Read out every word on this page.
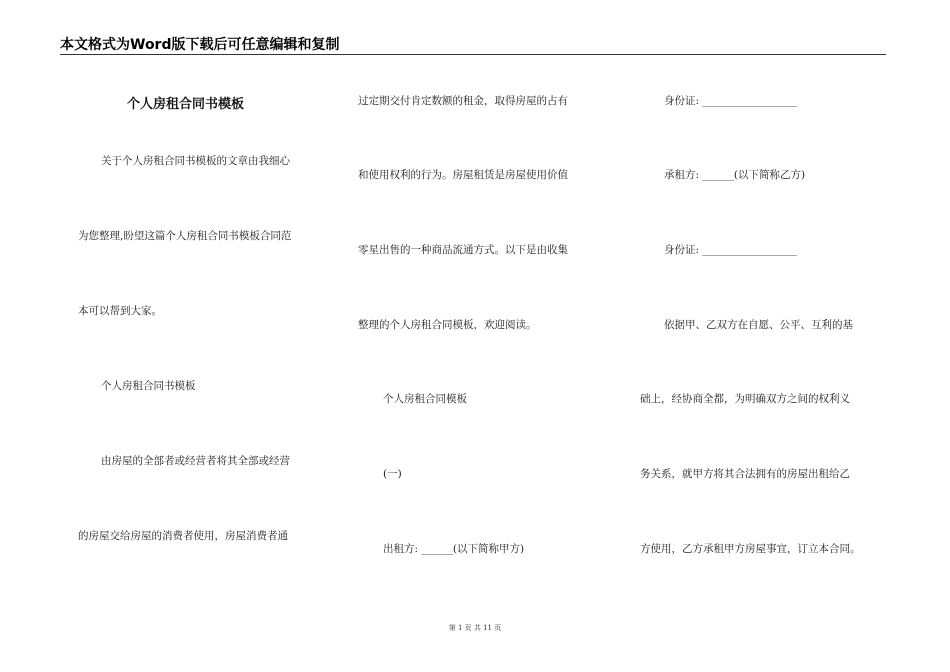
本文格式为Word版下载后可任意编辑和复制
个人房租合同书模板
关于个人房租合同书模板的文章由我细心
为您整理,盼望这篇个人房租合同书模板合同范
本可以帮到大家。
个人房租合同书模板
由房屋的全部者或经营者将其全部或经营
的房屋交给房屋的消费者使用，房屋消费者通
过定期交付肯定数额的租金，取得房屋的占有
和使用权利的行为。房屋租赁是房屋使用价值
零星出售的一种商品流通方式。以下是由收集
整理的个人房租合同模板，欢迎阅读。
个人房租合同模板
(一)
出租方: ______(以下简称甲方)
身份证: __________________
承租方: ______(以下简称乙方)
身份证: __________________
依据甲、乙双方在自愿、公平、互利的基
础上，经协商全都，为明确双方之间的权利义
务关系，就甲方将其合法拥有的房屋出租给乙
方使用，乙方承租甲方房屋事宜，订立本合同。
第 1 页 共 11 页
